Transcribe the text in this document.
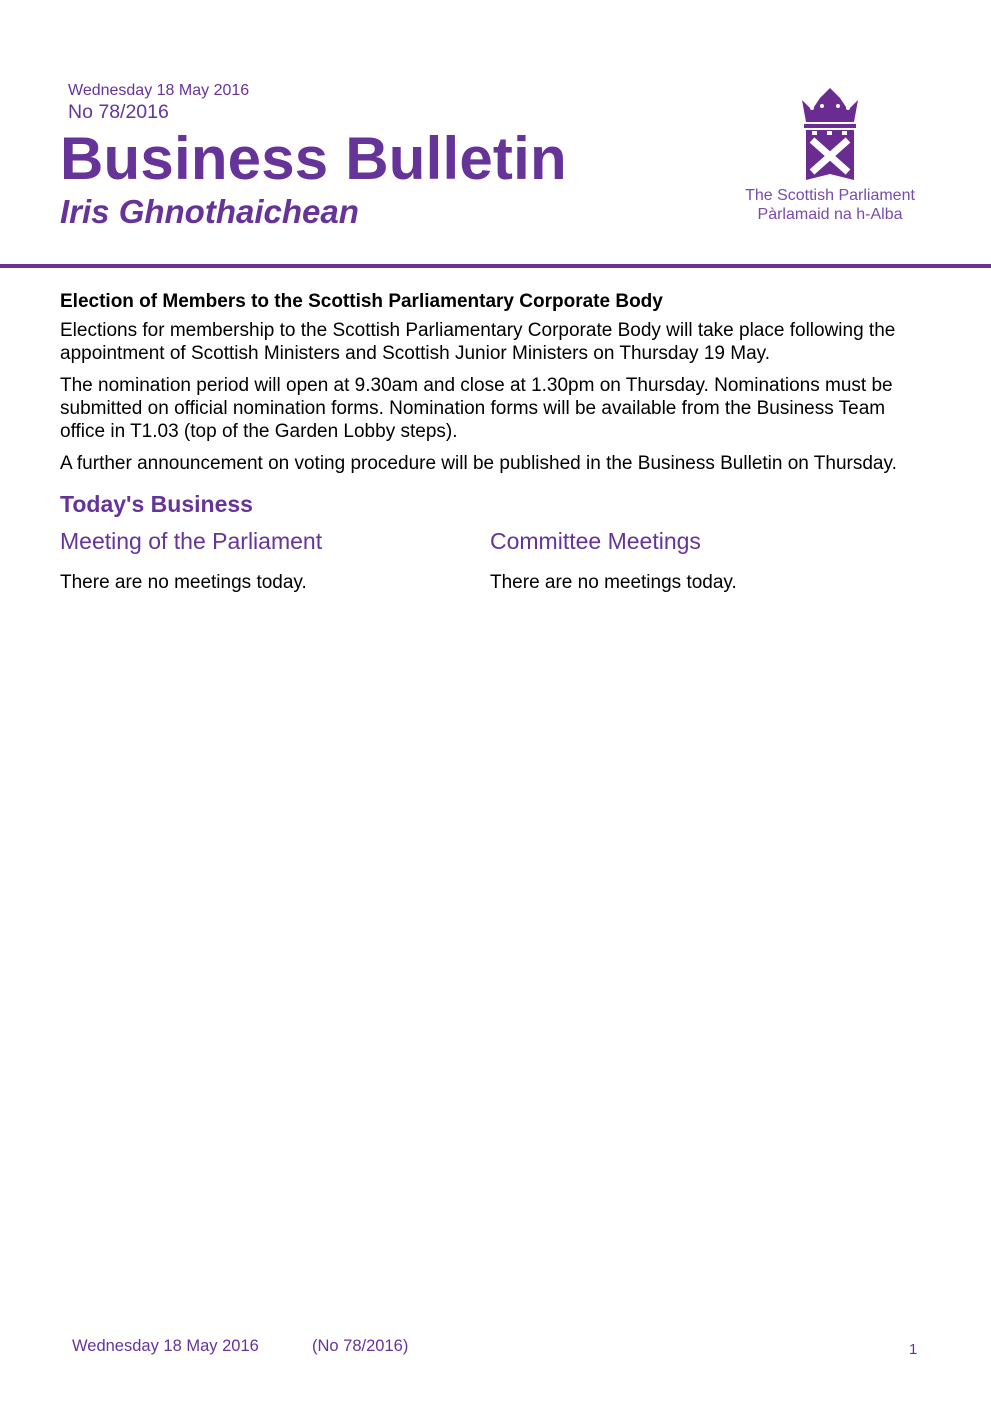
Wednesday 18 May 2016
No 78/2016
Business Bulletin
Iris Ghnothaichean	The Scottish Parliament
Pàrlamaid na h-Alba
Election of Members to the Scottish Parliamentary Corporate Body

Elections for membership to the Scottish Parliamentary Corporate Body will take place following the appointment of Scottish Ministers and Scottish Junior Ministers on Thursday 19 May.

The nomination period will open at 9.30am and close at 1.30pm on Thursday. Nominations must be submitted on official nomination forms. Nomination forms will be available from the Business Team office in T1.03 (top of the Garden Lobby steps).

A further announcement on voting procedure will be published in the Business Bulletin on Thursday.

Today's Business
Meeting of the Parliament
There are no meetings today.
Committee Meetings
There are no meetings today.
Wednesday 18 May 2016	(No 78/2016)	1
